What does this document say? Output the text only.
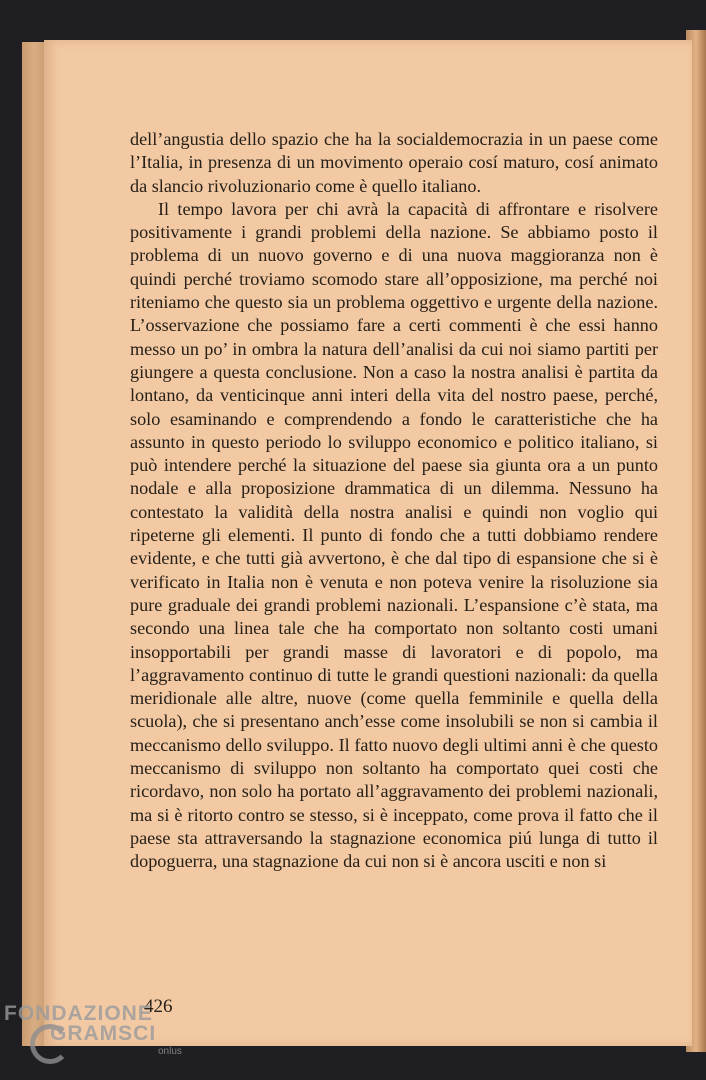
dell’angustia dello spazio che ha la socialdemocrazia in un paese come l’Italia, in presenza di un movimento operaio cosí maturo, cosí animato da slancio rivoluzionario come è quello italiano.

Il tempo lavora per chi avrà la capacità di affrontare e risolvere positivamente i grandi problemi della nazione. Se abbiamo posto il problema di un nuovo governo e di una nuova maggioranza non è quindi perché troviamo scomodo stare all’opposizione, ma perché noi riteniamo che questo sia un problema oggettivo e urgente della nazione. L’osservazione che possiamo fare a certi commenti è che essi hanno messo un po’ in ombra la natura dell’analisi da cui noi siamo partiti per giungere a questa conclusione. Non a caso la nostra analisi è partita da lontano, da venticinque anni interi della vita del nostro paese, perché, solo esaminando e comprendendo a fondo le caratteristiche che ha assunto in questo periodo lo sviluppo economico e politico italiano, si può intendere perché la situazione del paese sia giunta ora a un punto nodale e alla proposizione drammatica di un dilemma. Nessuno ha contestato la validità della nostra analisi e quindi non voglio qui ripeterne gli elementi. Il punto di fondo che a tutti dobbiamo rendere evidente, e che tutti già avvertono, è che dal tipo di espansione che si è verificato in Italia non è venuta e non poteva venire la risoluzione sia pure graduale dei grandi problemi nazionali. L’espansione c’è stata, ma secondo una linea tale che ha comportato non soltanto costi umani insopportabili per grandi masse di lavoratori e di popolo, ma l’aggravamento continuo di tutte le grandi questioni nazionali: da quella meridionale alle altre, nuove (come quella femminile e quella della scuola), che si presentano anch’esse come insolubili se non si cambia il meccanismo dello sviluppo. Il fatto nuovo degli ultimi anni è che questo meccanismo di sviluppo non soltanto ha comportato quei costi che ricordavo, non solo ha portato all’aggravamento dei problemi nazionali, ma si è ritorto contro se stesso, si è inceppato, come prova il fatto che il paese sta attraversando la stagnazione economica piú lunga di tutto il dopoguerra, una stagnazione da cui non si è ancora usciti e non si

426
FONDAZIONE
GRAMSCI
onlus
